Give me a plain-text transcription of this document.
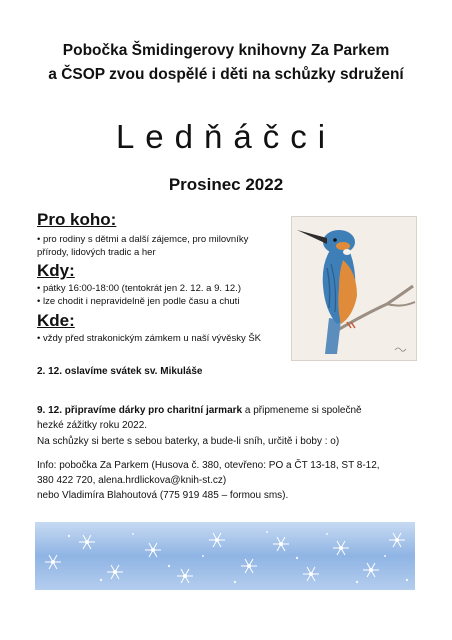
Pobočka Šmidingerovy knihovny Za Parkem
a ČSOP zvou dospělé i děti na schůzky sdružení
Ledňáčci
Prosinec 2022
Pro koho:
• pro rodiny s dětmi a další zájemce, pro milovníky
přírody, lidových tradic a her
Kdy:
• pátky 16:00-18:00 (tentokrát jen 2. 12. a 9. 12.)
• lze chodit i nepravidelně jen podle času a chuti
Kde:
• vždy před strakonickým zámkem u naší vývěsky ŠK
2. 12. oslavíme svátek sv. Mikuláše
9. 12. připravíme dárky pro charitní jarmark a připmeneme si společně
hezké zážitky roku 2022.
Na schůzky si berte s sebou baterky, a bude-li sníh, určitě i boby : o)
Info: pobočka Za Parkem (Husova č. 380, otevřeno: PO a ČT 13-18, ST 8-12,
380 422 720, alena.hrdlickova@knih-st.cz)
nebo Vladimíra Blahoutová (775 919 485 – formou sms).
